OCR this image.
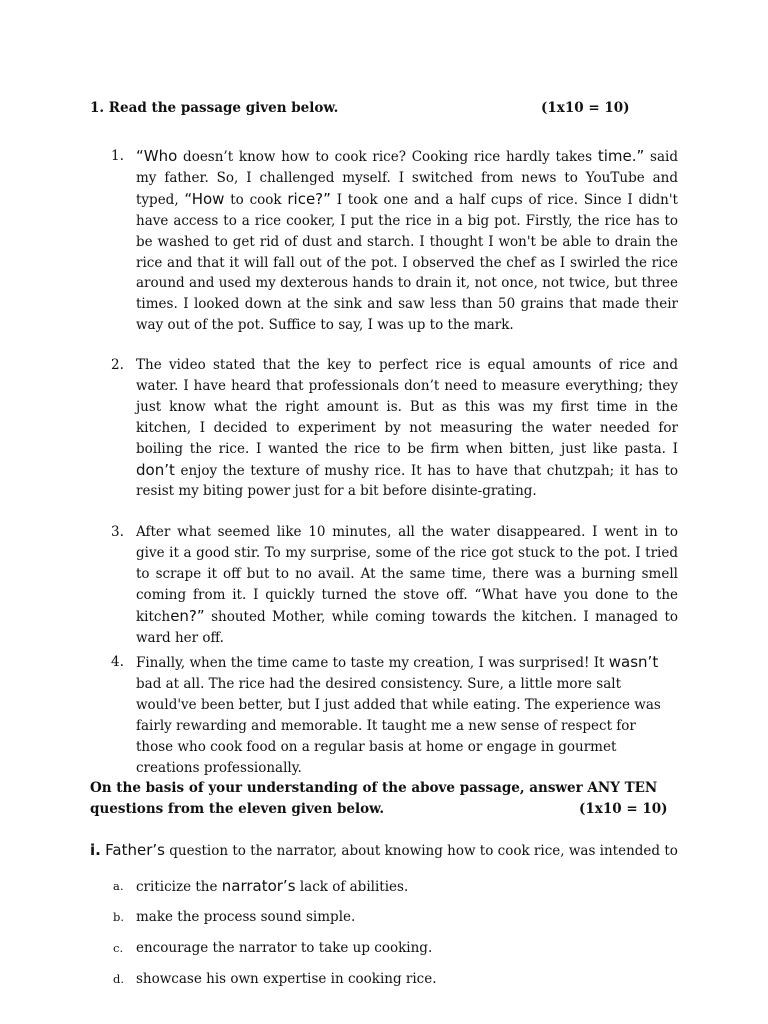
1. Read the passage given below.	(1x10 = 10)
1. “Who doesn’t know how to cook rice? Cooking rice hardly takes time.” said my father. So, I challenged myself. I switched from news to YouTube and typed, “How to cook rice?” I took one and a half cups of rice. Since I didn't have access to a rice cooker, I put the rice in a big pot. Firstly, the rice has to be washed to get rid of dust and starch. I thought I won't be able to drain the rice and that it will fall out of the pot. I observed the chef as I swirled the rice around and used my dexterous hands to drain it, not once, not twice, but three times. I looked down at the sink and saw less than 50 grains that made their way out of the pot. Suffice to say, I was up to the mark.
2. The video stated that the key to perfect rice is equal amounts of rice and water. I have heard that professionals don’t need to measure everything; they just know what the right amount is. But as this was my first time in the kitchen, I decided to experiment by not measuring the water needed for boiling the rice. I wanted the rice to be firm when bitten, just like pasta. I don’t enjoy the texture of mushy rice. It has to have that chutzpah; it has to resist my biting power just for a bit before disinte-grating.
3. After what seemed like 10 minutes, all the water disappeared. I went in to give it a good stir. To my surprise, some of the rice got stuck to the pot. I tried to scrape it off but to no avail. At the same time, there was a burning smell coming from it. I quickly turned the stove off. “What have you done to the kitchen?” shouted Mother, while coming towards the kitchen. I managed to ward her off.
4. Finally, when the time came to taste my creation, I was surprised! It wasn’t bad at all. The rice had the desired consistency. Sure, a little more salt would've been better, but I just added that while eating. The experience was fairly rewarding and memorable. It taught me a new sense of respect for those who cook food on a regular basis at home or engage in gourmet creations professionally.
On the basis of your understanding of the above passage, answer ANY TEN questions from the eleven given below.	(1x10 = 10)
i. Father’s question to the narrator, about knowing how to cook rice, was intended to
a. criticize the narrator’s lack of abilities.
b. make the process sound simple.
c. encourage the narrator to take up cooking.
d. showcase his own expertise in cooking rice.
